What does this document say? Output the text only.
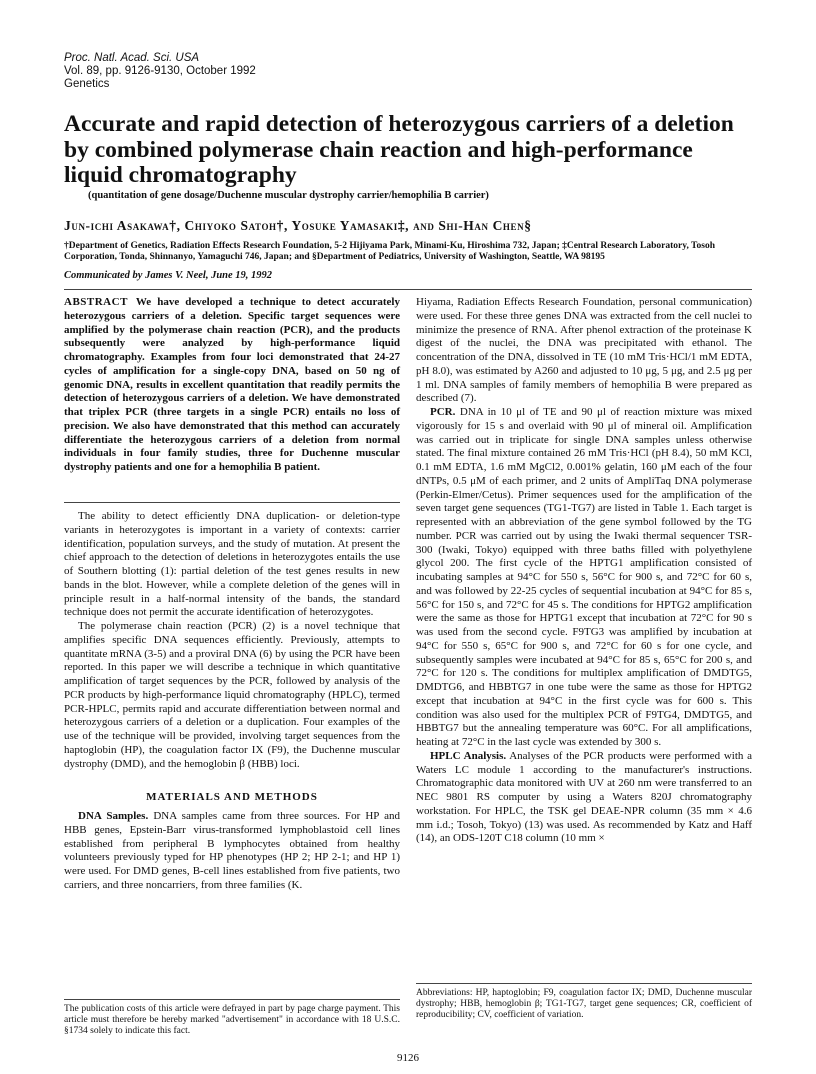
Proc. Natl. Acad. Sci. USA
Vol. 89, pp. 9126-9130, October 1992
Genetics
Accurate and rapid detection of heterozygous carriers of a deletion by combined polymerase chain reaction and high-performance liquid chromatography
(quantitation of gene dosage/Duchenne muscular dystrophy carrier/hemophilia B carrier)
Jun-ichi Asakawa†, Chiyoko Satoh†, Yosuke Yamasaki‡, and Shi-Han Chen§
†Department of Genetics, Radiation Effects Research Foundation, 5-2 Hijiyama Park, Minami-Ku, Hiroshima 732, Japan; ‡Central Research Laboratory, Tosoh Corporation, Tonda, Shinnanyo, Yamaguchi 746, Japan; and §Department of Pediatrics, University of Washington, Seattle, WA 98195
Communicated by James V. Neel, June 19, 1992

ABSTRACT We have developed a technique to detect accurately heterozygous carriers of a deletion. Specific target sequences were amplified by the polymerase chain reaction (PCR), and the products subsequently were analyzed by high-performance liquid chromatography. Examples from four loci demonstrated that 24-27 cycles of amplification for a single-copy DNA, based on 50 ng of genomic DNA, results in excellent quantitation that readily permits the detection of heterozygous carriers of a deletion. We have demonstrated that triplex PCR (three targets in a single PCR) entails no loss of precision. We also have demonstrated that this method can accurately differentiate the heterozygous carriers of a deletion from normal individuals in four family studies, three for Duchenne muscular dystrophy patients and one for a hemophilia B patient.

The ability to detect efficiently DNA duplication- or deletion-type variants in heterozygotes is important in a variety of contexts: carrier identification, population surveys, and the study of mutation. At present the chief approach to the detection of deletions in heterozygotes entails the use of Southern blotting (1): partial deletion of the test genes results in new bands in the blot. However, while a complete deletion of the genes will in principle result in a half-normal intensity of the bands, the standard technique does not permit the accurate identification of heterozygotes.

The polymerase chain reaction (PCR) (2) is a novel technique that amplifies specific DNA sequences efficiently. Previously, attempts to quantitate mRNA (3-5) and a proviral DNA (6) by using the PCR have been reported. In this paper we will describe a technique in which quantitative amplification of target sequences by the PCR, followed by analysis of the PCR products by high-performance liquid chromatography (HPLC), termed PCR-HPLC, permits rapid and accurate differentiation between normal and heterozygous carriers of a deletion or a duplication. Four examples of the use of the technique will be provided, involving target sequences from the haptoglobin (HP), the coagulation factor IX (F9), the Duchenne muscular dystrophy (DMD), and the hemoglobin β (HBB) loci.

MATERIALS AND METHODS

DNA Samples. DNA samples came from three sources. For HP and HBB genes, Epstein-Barr virus-transformed lymphoblastoid cell lines established from peripheral B lymphocytes obtained from healthy volunteers previously typed for HP phenotypes (HP 2; HP 2-1; and HP 1) were used. For DMD genes, B-cell lines established from five patients, two carriers, and three noncarriers, from three families (K.

Hiyama, Radiation Effects Research Foundation, personal communication) were used. For these three genes DNA was extracted from the cell nuclei to minimize the presence of RNA. After phenol extraction of the proteinase K digest of the nuclei, the DNA was precipitated with ethanol. The concentration of the DNA, dissolved in TE (10 mM Tris·HCl/1 mM EDTA, pH 8.0), was estimated by A260 and adjusted to 10 μg, 5 μg, and 2.5 μg per 1 ml. DNA samples of family members of hemophilia B were prepared as described (7).

PCR. DNA in 10 μl of TE and 90 μl of reaction mixture was mixed vigorously for 15 s and overlaid with 90 μl of mineral oil. Amplification was carried out in triplicate for single DNA samples unless otherwise stated. The final mixture contained 26 mM Tris·HCl (pH 8.4), 50 mM KCl, 0.1 mM EDTA, 1.6 mM MgCl2, 0.001% gelatin, 160 μM each of the four dNTPs, 0.5 μM of each primer, and 2 units of AmpliTaq DNA polymerase (Perkin-Elmer/Cetus). Primer sequences used for the amplification of the seven target gene sequences (TG1-TG7) are listed in Table 1. Each target is represented with an abbreviation of the gene symbol followed by the TG number. PCR was carried out by using the Iwaki thermal sequencer TSR-300 (Iwaki, Tokyo) equipped with three baths filled with polyethylene glycol 200. The first cycle of the HPTG1 amplification consisted of incubating samples at 94°C for 550 s, 56°C for 900 s, and 72°C for 60 s, and was followed by 22-25 cycles of sequential incubation at 94°C for 85 s, 56°C for 150 s, and 72°C for 45 s. The conditions for HPTG2 amplification were the same as those for HPTG1 except that incubation at 72°C for 90 s was used from the second cycle. F9TG3 was amplified by incubation at 94°C for 550 s, 65°C for 900 s, and 72°C for 60 s for one cycle, and subsequently samples were incubated at 94°C for 85 s, 65°C for 200 s, and 72°C for 120 s. The conditions for multiplex amplification of DMDTG5, DMDTG6, and HBBTG7 in one tube were the same as those for HPTG2 except that incubation at 94°C in the first cycle was for 600 s. This condition was also used for the multiplex PCR of F9TG4, DMDTG5, and HBBTG7 but the annealing temperature was 60°C. For all amplifications, heating at 72°C in the last cycle was extended by 300 s.

HPLC Analysis. Analyses of the PCR products were performed with a Waters LC module 1 according to the manufacturer's instructions. Chromatographic data monitored with UV at 260 nm were transferred to an NEC 9801 RS computer by using a Waters 820J chromatography workstation. For HPLC, the TSK gel DEAE-NPR column (35 mm × 4.6 mm i.d.; Tosoh, Tokyo) (13) was used. As recommended by Katz and Haff (14), an ODS-120T C18 column (10 mm ×

The publication costs of this article were defrayed in part by page charge payment. This article must therefore be hereby marked "advertisement" in accordance with 18 U.S.C. §1734 solely to indicate this fact.
Abbreviations: HP, haptoglobin; F9, coagulation factor IX; DMD, Duchenne muscular dystrophy; HBB, hemoglobin β; TG1-TG7, target gene sequences; CR, coefficient of reproducibility; CV, coefficient of variation.
9126
